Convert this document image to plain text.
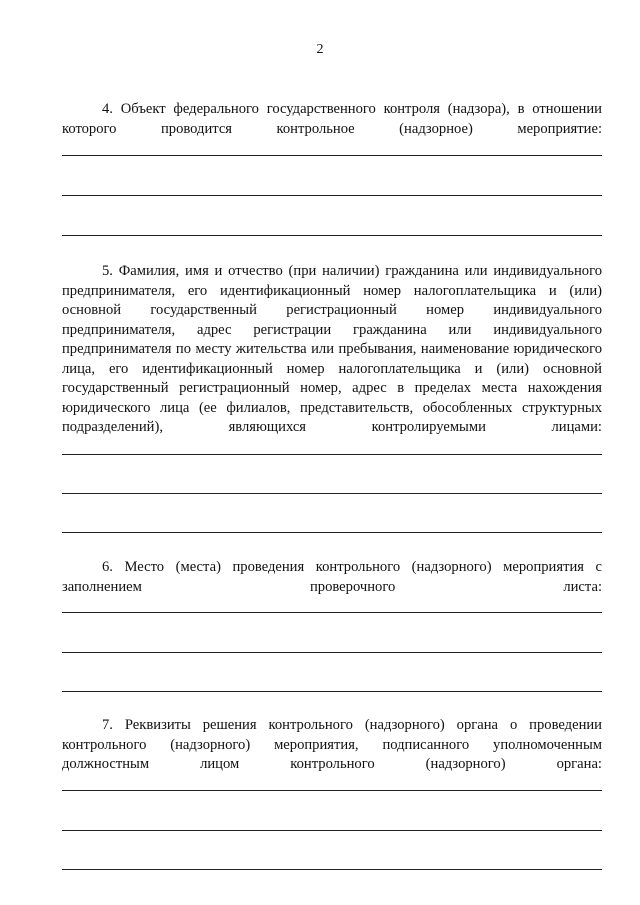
2

4. Объект федерального государственного контроля (надзора), в отношении которого проводится контрольное (надзорное) мероприятие:

5. Фамилия, имя и отчество (при наличии) гражданина или индивидуального предпринимателя, его идентификационный номер налогоплательщика и (или) основной государственный регистрационный номер индивидуального предпринимателя, адрес регистрации гражданина или индивидуального предпринимателя по месту жительства или пребывания, наименование юридического лица, его идентификационный номер налогоплательщика и (или) основной государственный регистрационный номер, адрес в пределах места нахождения юридического лица (ее филиалов, представительств, обособленных структурных подразделений), являющихся контролируемыми лицами:

6. Место (места) проведения контрольного (надзорного) мероприятия с заполнением проверочного листа:

7. Реквизиты решения контрольного (надзорного) органа о проведении контрольного (надзорного) мероприятия, подписанного уполномоченным должностным лицом контрольного (надзорного) органа:
